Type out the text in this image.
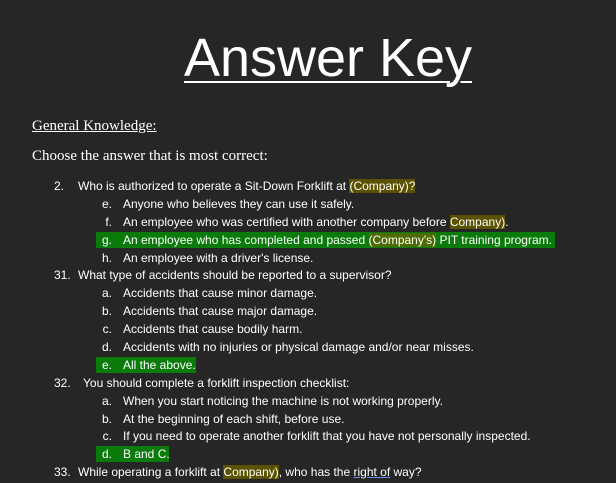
Answer Key
General Knowledge:
Choose the answer that is most correct:
2. Who is authorized to operate a Sit-Down Forklift at (Company)?
e. Anyone who believes they can use it safely.
f. An employee who was certified with another company before Company).
g. An employee who has completed and passed (Company's) PIT training program.
h. An employee with a driver's license.
31. What type of accidents should be reported to a supervisor?
a. Accidents that cause minor damage.
b. Accidents that cause major damage.
c. Accidents that cause bodily harm.
d. Accidents with no injuries or physical damage and/or near misses.
e. All the above.
32. You should complete a forklift inspection checklist:
a. When you start noticing the machine is not working properly.
b. At the beginning of each shift, before use.
c. If you need to operate another forklift that you have not personally inspected.
d. B and C.
33. While operating a forklift at Company), who has the right of way?
